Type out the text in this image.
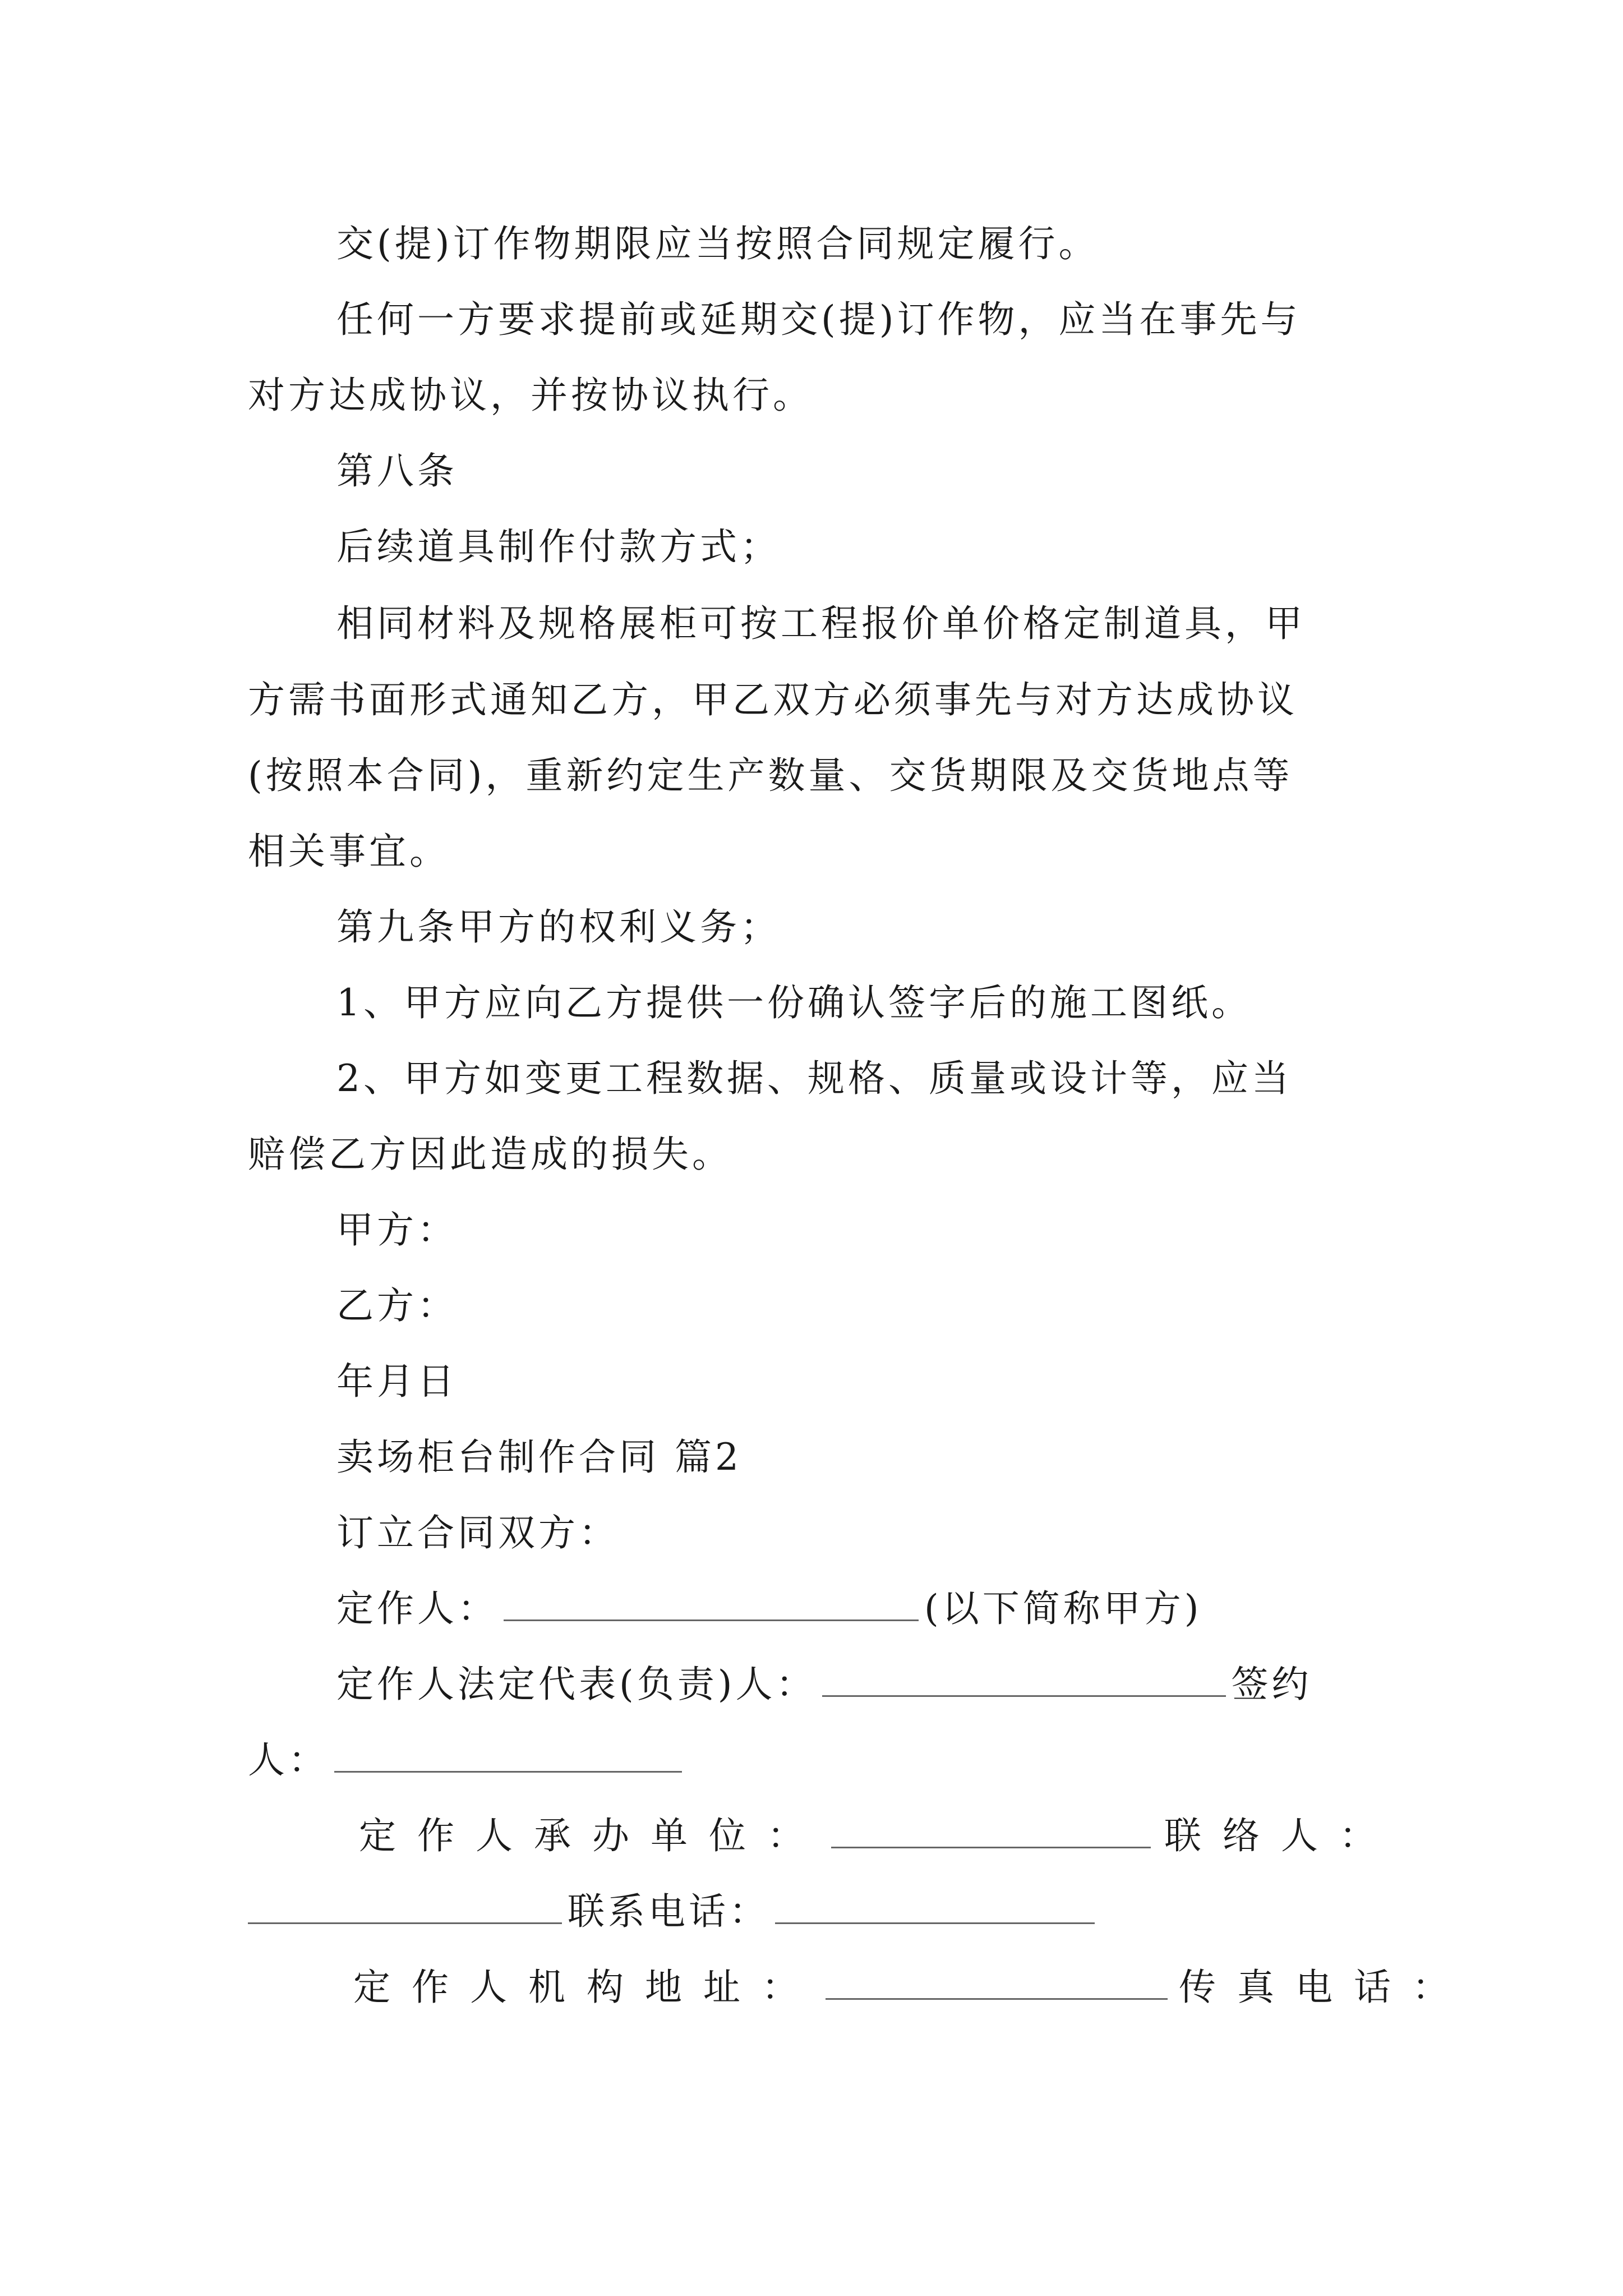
交(提)订作物期限应当按照合同规定履行。
任何一方要求提前或延期交(提)订作物，应当在事先与
对方达成协议，并按协议执行。
第八条
后续道具制作付款方式；
相同材料及规格展柜可按工程报价单价格定制道具，甲
方需书面形式通知乙方，甲乙双方必须事先与对方达成协议
(按照本合同)，重新约定生产数量、交货期限及交货地点等
相关事宜。
第九条甲方的权利义务；
1、甲方应向乙方提供一份确认签字后的施工图纸。
2、甲方如变更工程数据、规格、质量或设计等，应当
赔偿乙方因此造成的损失。
甲方：
乙方：
年月日
卖场柜台制作合同 篇2
订立合同双方：
定作人：	(以下简称甲方)
定作人法定代表(负责)人：	签约
人：
定作人承办单位：	联络人：
联系电话：
定作人机构地址：	传真电话：
